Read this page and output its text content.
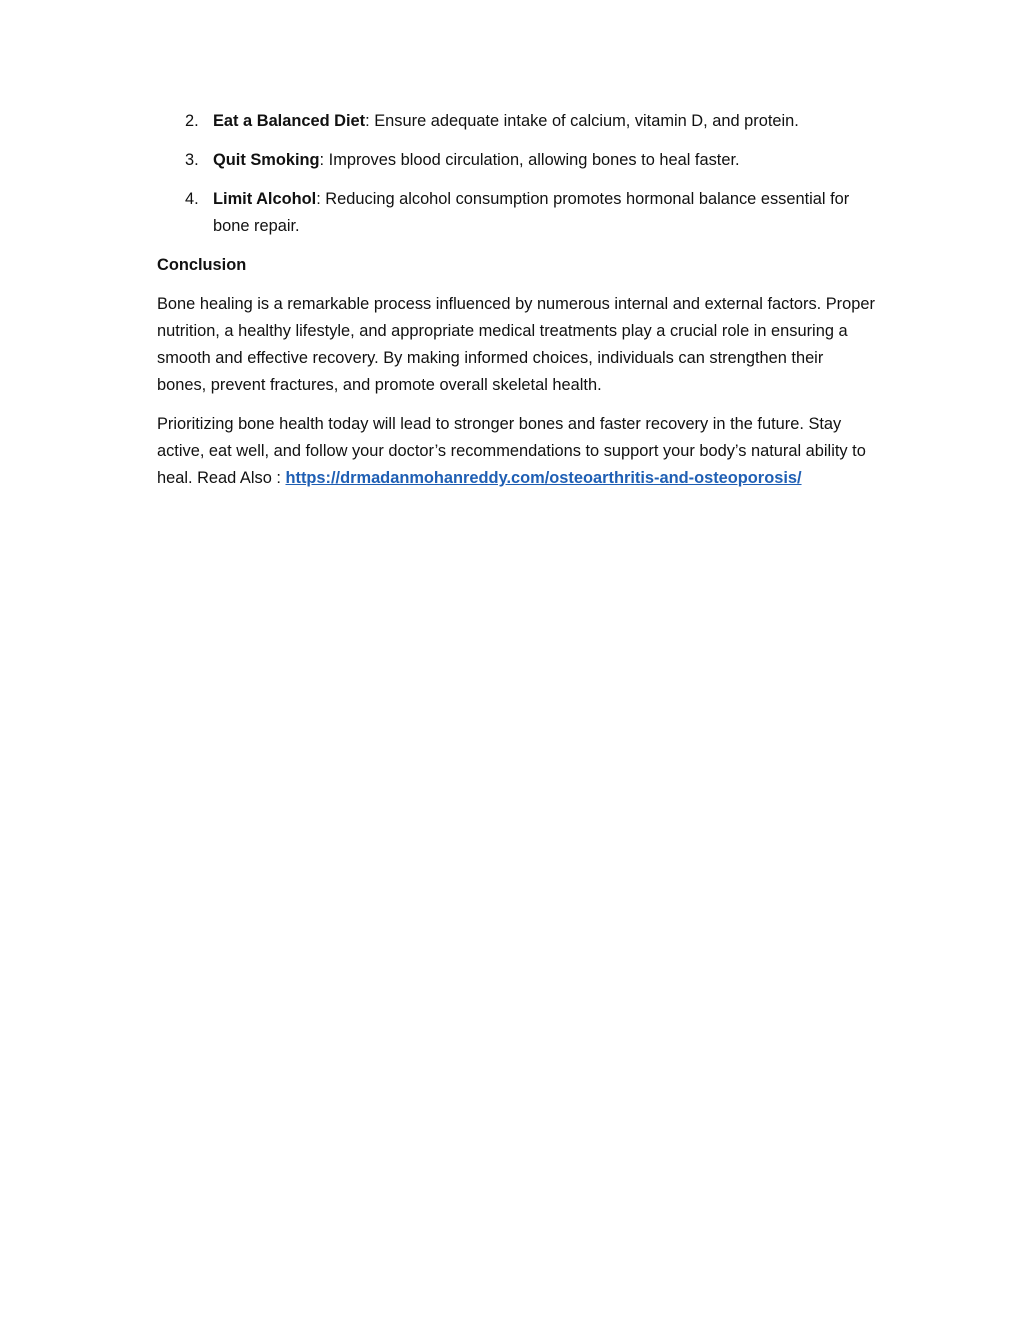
2. Eat a Balanced Diet: Ensure adequate intake of calcium, vitamin D, and protein.
3. Quit Smoking: Improves blood circulation, allowing bones to heal faster.
4. Limit Alcohol: Reducing alcohol consumption promotes hormonal balance essential for bone repair.

Conclusion

Bone healing is a remarkable process influenced by numerous internal and external factors. Proper nutrition, a healthy lifestyle, and appropriate medical treatments play a crucial role in ensuring a smooth and effective recovery. By making informed choices, individuals can strengthen their bones, prevent fractures, and promote overall skeletal health.

Prioritizing bone health today will lead to stronger bones and faster recovery in the future. Stay active, eat well, and follow your doctor’s recommendations to support your body’s natural ability to heal. Read Also : https://drmadanmohanreddy.com/osteoarthritis-and-osteoporosis/
